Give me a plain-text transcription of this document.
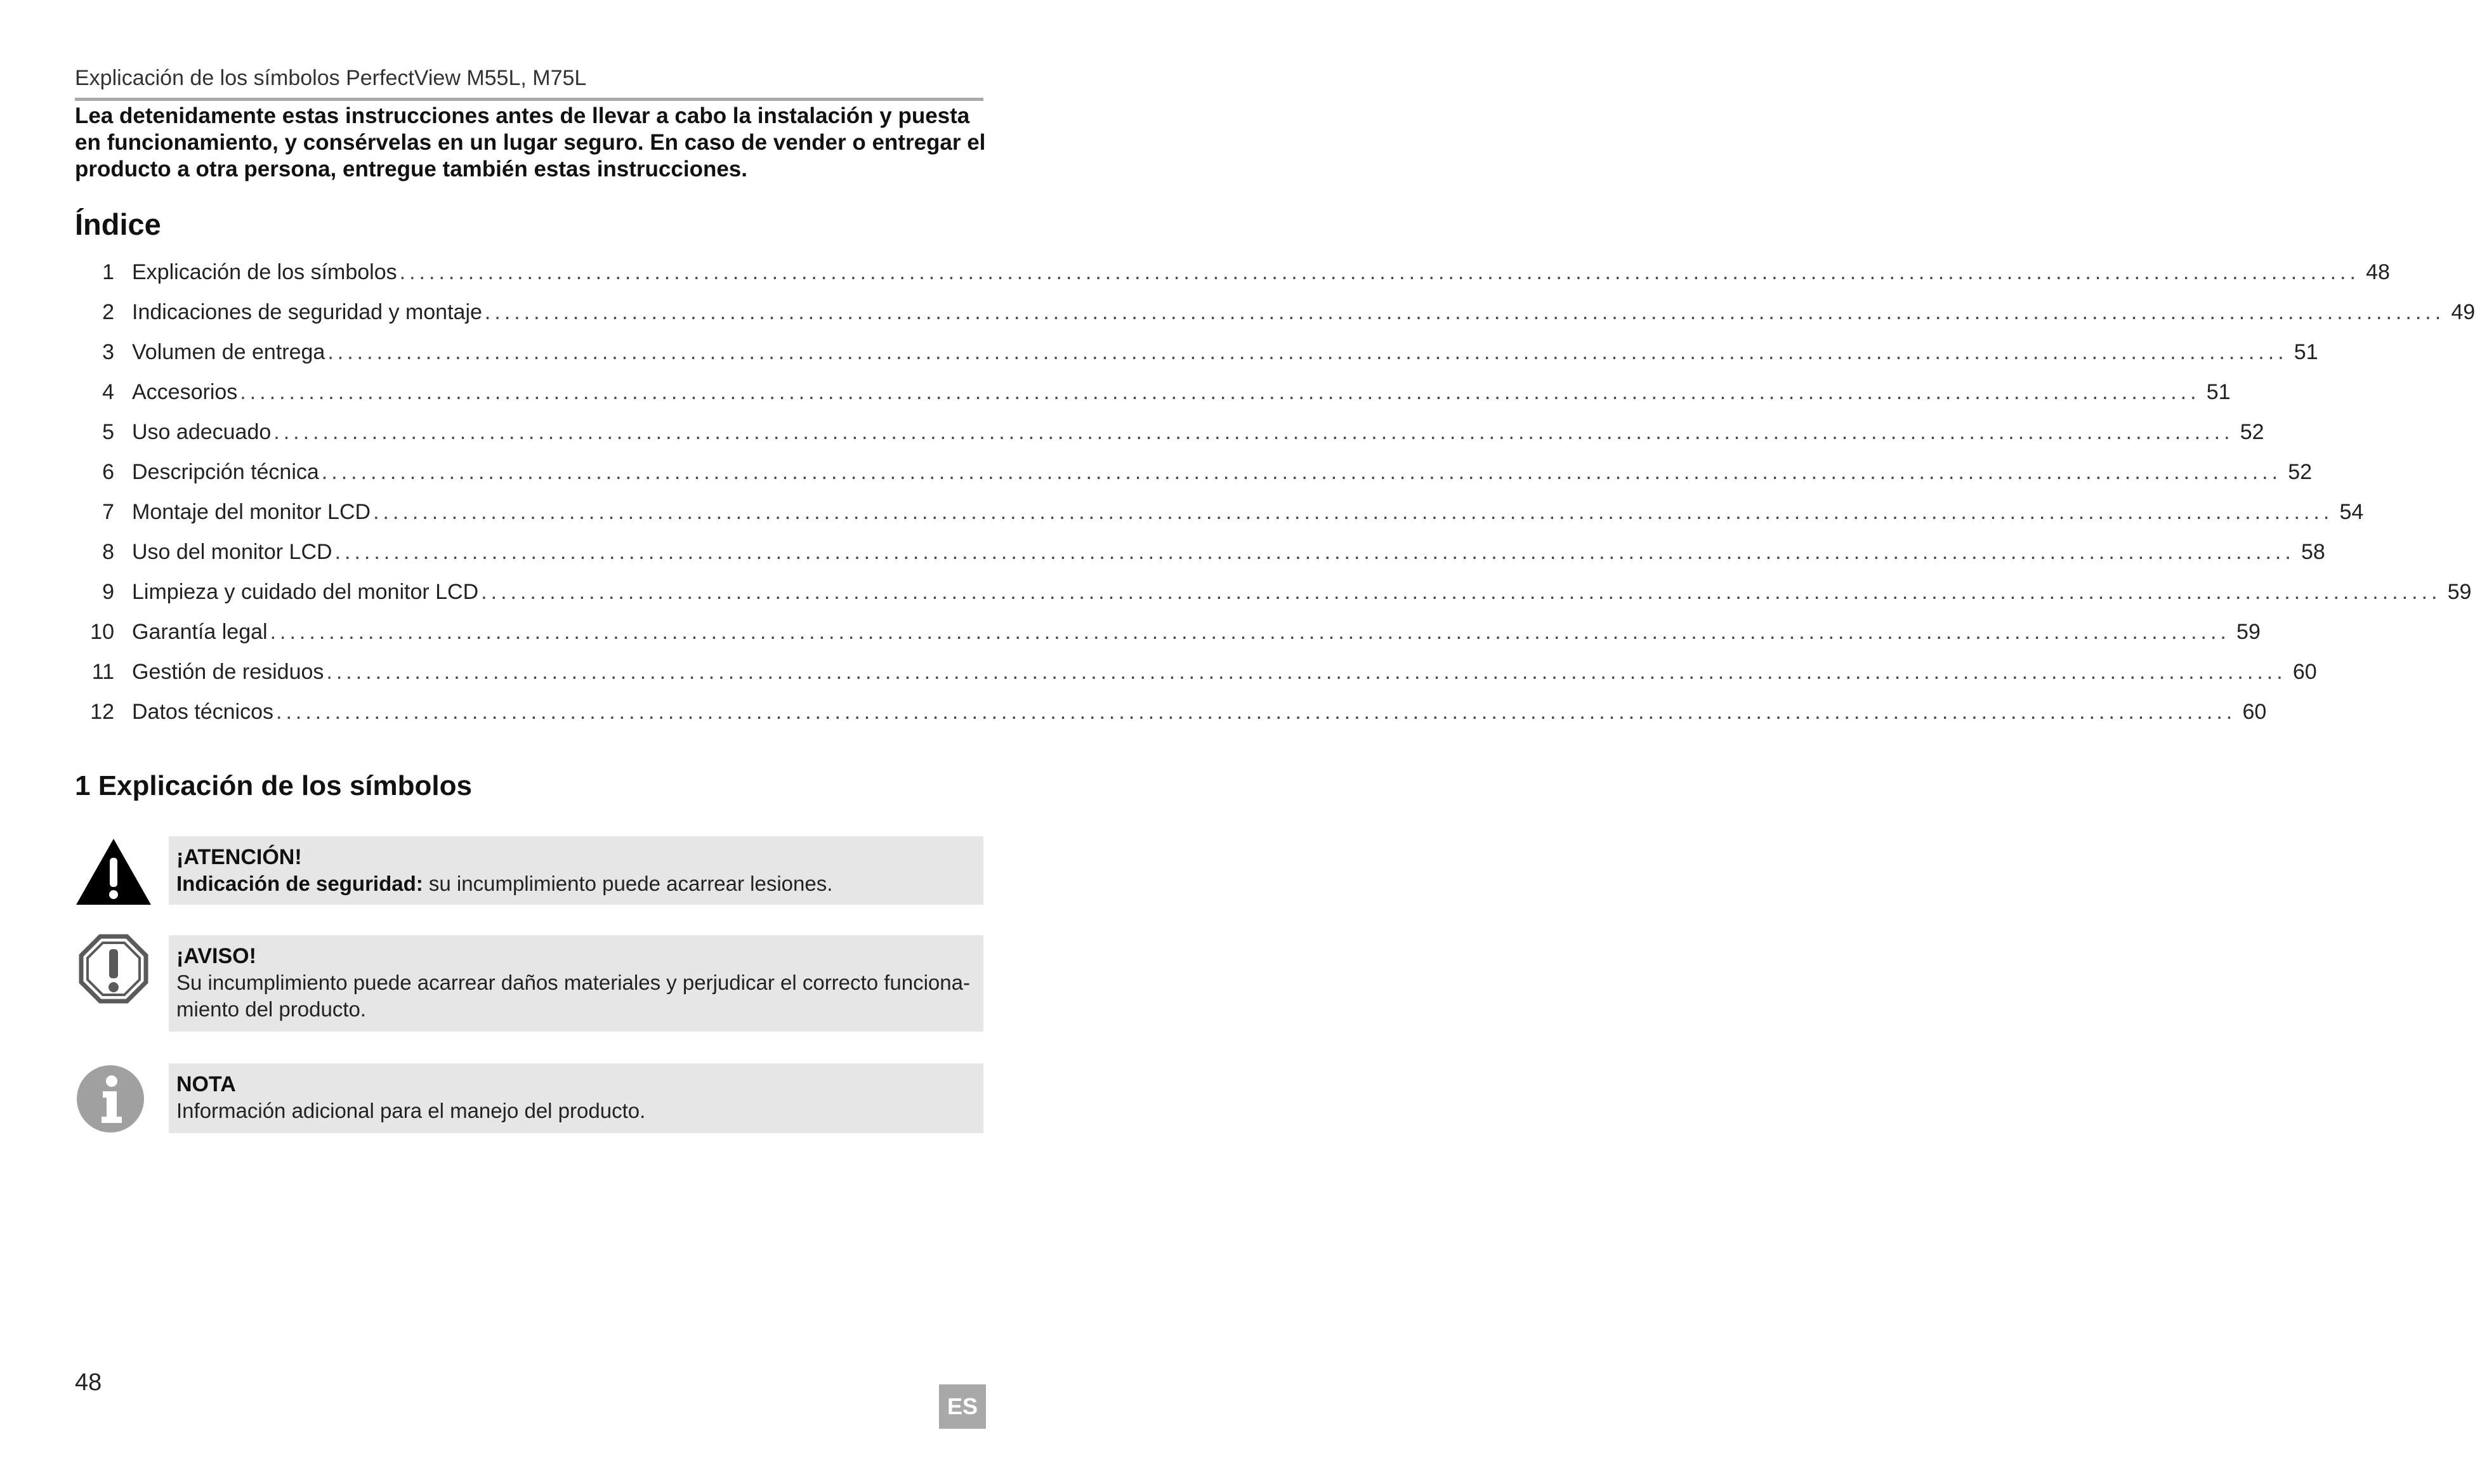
Explicación de los símbolos PerfectView M55L, M75L
Lea detenidamente estas instrucciones antes de llevar a cabo la instalación y puesta en funcionamiento, y consérvelas en un lugar seguro. En caso de vender o entregar el producto a otra persona, entregue también estas instrucciones.
Índice
1 Explicación de los símbolos ........................................................................................................................................................................................................ 48
2 Indicaciones de seguridad y montaje ........................................................................................................................................................................................................ 49
3 Volumen de entrega ........................................................................................................................................................................................................ 51
4 Accesorios ........................................................................................................................................................................................................ 51
5 Uso adecuado ........................................................................................................................................................................................................ 52
6 Descripción técnica ........................................................................................................................................................................................................ 52
7 Montaje del monitor LCD ........................................................................................................................................................................................................ 54
8 Uso del monitor LCD ........................................................................................................................................................................................................ 58
9 Limpieza y cuidado del monitor LCD ........................................................................................................................................................................................................ 59
10 Garantía legal ........................................................................................................................................................................................................ 59
11 Gestión de residuos ........................................................................................................................................................................................................ 60
12 Datos técnicos ........................................................................................................................................................................................................ 60
1 Explicación de los símbolos
¡ATENCIÓN!
Indicación de seguridad: su incumplimiento puede acarrear lesiones.
¡AVISO!
Su incumplimiento puede acarrear daños materiales y perjudicar el correcto funcionamiento del producto.
NOTA
Información adicional para el manejo del producto.
48
ES
